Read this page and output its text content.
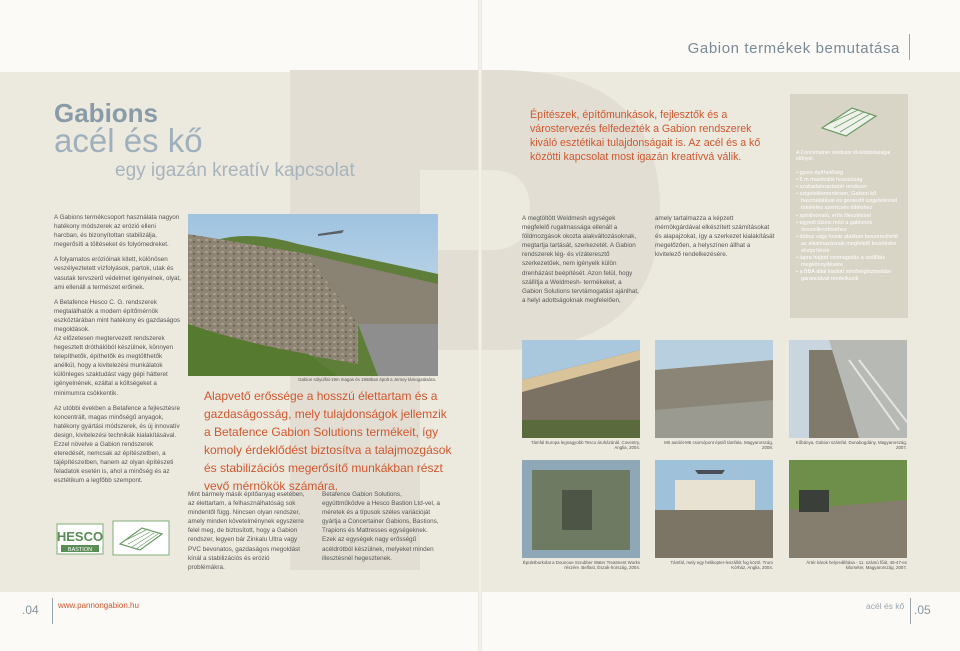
Gabion termékek bemutatása
Gabions
acél és kő
egy igazán kreatív kapcsolat

A Gabions termékcsoport használata nagyon hatékony módszerek az erózió elleni harcban, és bizonyítottan stabilizálja, megerősíti a töltéseket és folyómedreket.

A folyamatos erózióinak kitett, különösen veszélyeztetett vízfolyások, partok, utak és vasutak tervszerű védelmet igényelnek, olyat, ami ellenáll a természet erőinek.

A Betafence Hesco C. G. rendszerek megtalálhatók a modern építőmérnök eszköztárában mint hatékony és gazdaságos megoldások.

Az előzetesen megtervezett rendszerek hegesztett dróthálóból készülnek, könnyen telepíthetők, építhetők és megtölthetők anélkül, hogy a kivitelezési munkálatok különleges szaktudást vagy gépi hátteret igényelnének, ezáltal a költségeket a minimumra csökkentik.

Az utóbbi években a Betafence a fejlesztésre koncentrált, magas minőségű anyagok, hatékony gyártási módszerek, és új innovatív design, kivitelezési technikák kialakításával.

Ezzel növelve a Gabion rendszerek eteredését, nemcsak az építészetben, a tájépítészetben, hanem az olyan építészeti feladatok esetén is, ahol a minőség és az esztétikum a legfőbb szempont.

HESCO
BASTION
Gabion súlyú/fal-19m magas és 1968ban épült a Jersey támogatására.
Alapvető erőssége a hosszú élettartam és a gazdaságosság, mely tulajdonságok jellemzik a Betafence Gabion Solutions termékeit, így komoly érdeklődést biztosítva a talajmozgások és stabilizációs megerősítő munkákban részt vevő mérnökök számára.
Mint bármely másik építőanyag esetében, az élettartam, a felhasználhatóság sok mindentől függ. Nincsen olyan rendszer, amely minden követelménynek egyszerre felel meg, de biztosított, hogy a Gabion rendszer, legyen bár Zinkalu Ultra vagy PVC bevonatos, gazdaságos megoldást kínál a stabilizációs és erózió problémákra.
Betafence Gabion Solutions, együttműködve a Hesco Bastion Ltd-vel, a méretek és a típusok széles variációját gyártja a Concertainer Gabions, Bastions, Trapions és Mattresses egységeknek. Ezek az egységek nagy erősségű acéldrótból készülnek, melyeket minden illesztésnél hegesztenek.
Építészek, építőmunkások, fejlesztők és a várostervezés felfedezték a Gabion rendszerek kiváló esztétikai tulajdonságait is. Az acél és a kő közötti kapcsolat most igazán kreatívvá válik.
A megtöltött Weldmesh egységek megfelelő rugalmassága ellenáll a földmozgások okozta alakváltozásoknak, megtartja tartását, szerkezetét. A Gabion rendszerek lég- és vízáteresztő szerkezetűek, nem igényelk külön drenházást beépítését. Azon felül, hogy szállítja a Weldmesh- termékeket, a Gabion Solutions tervtámogatást ajánlhat, a helyi adottságoknak megfelelően,
amely tartalmazza a képzett mérnökgárdával elkészített számításokat és alapajzokat, így a szerkezet kialakítását megelőzően, a helyszínen állhat a kivitelező rendelkezésére.
A Concertainer rendszer kiválóbbitasagai előnyei:
• gyors építhetőség
• 5 m maximális hosszúság
• szabadalmaztatott rendszer
• szigetelésmentesen, Gabion kő használatával és geotextil szigeteléssel tökéletes szemcsés töltéshez
• spirálvonalú, erős illesztéssel
• egyedi tűzési mód a gabionok összeillesztéséhez
• doboz vagy kosár alakban beszerezhető az alkalmazásnak megfelelő kezelésbe elsöprítésre
• lapra hajtott csomagolás a szállítás megkönnyítésére
• a BBA által kiadott minőségbiztosítási garanciával rendelkezik
Támfal Europa legnagyobb Tesco áruházánál. Coventry, Anglia, 2004.
M0 autóút-M6 csomópont épülő támfala. Magyarország, 2008.
Kőbánya, Gabion számfal. Dunabogdány, Magyarország, 2007.
Épületburkolat a Dounoue Scrubber Water Treatment Works részére. Belfast, Észak-Írország, 2004.
Támfal, mely egy helikopter-leszállót fog közöl. Truro Kórház, Anglia, 2004.
Ártér károk helyreállítása - 11. számú főút, 46-47-es kilométer, Magyarország, 2007.
.04 www.pannongabion.hu	acél és kő .05
